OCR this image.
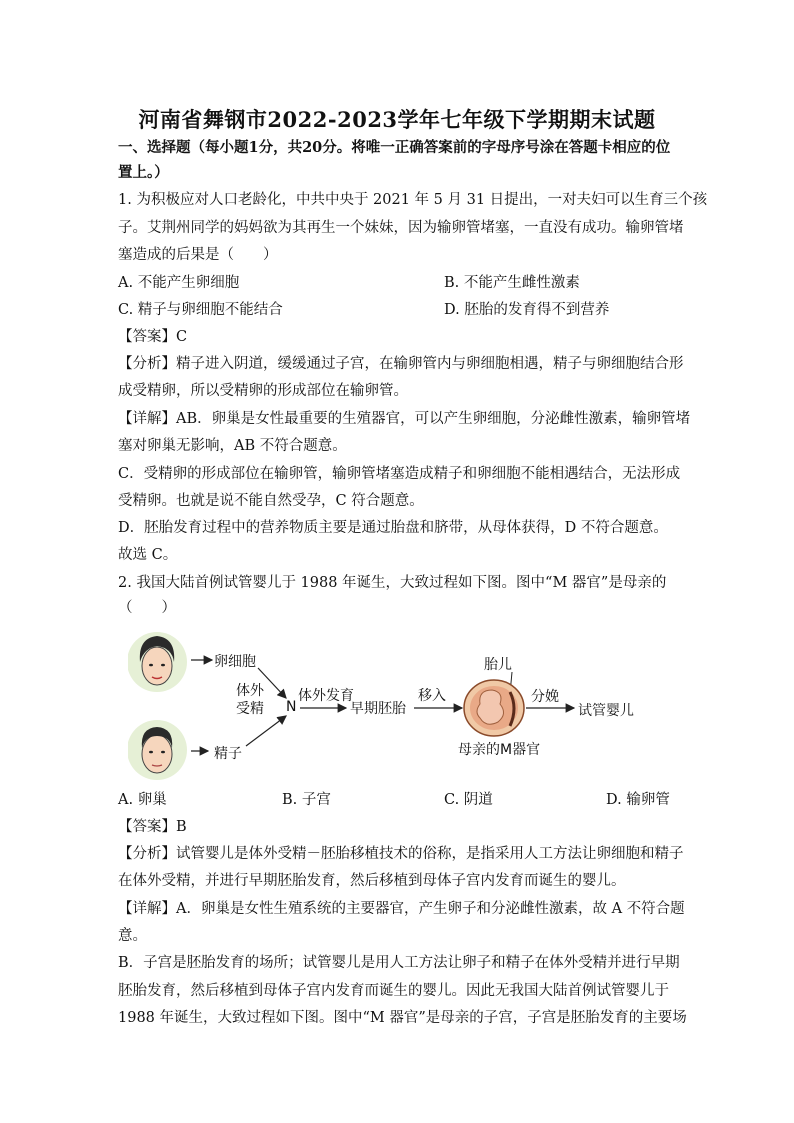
河南省舞钢市2022-2023学年七年级下学期期末试题
一、选择题（每小题1分，共20分。将唯一正确答案前的字母序号涂在答题卡相应的位
置上。）
1. 为积极应对人口老龄化，中共中央于 2021 年 5 月 31 日提出，一对夫妇可以生育三个孩
子。艾荆州同学的妈妈欲为其再生一个妹妹，因为输卵管堵塞，一直没有成功。输卵管堵
塞造成的后果是（　　）
A. 不能产生卵细胞	B. 不能产生雌性激素
C. 精子与卵细胞不能结合	D. 胚胎的发育得不到营养
【答案】C
【分析】精子进入阴道，缓缓通过子宫，在输卵管内与卵细胞相遇，精子与卵细胞结合形
成受精卵，所以受精卵的形成部位在输卵管。
【详解】AB．卵巢是女性最重要的生殖器官，可以产生卵细胞，分泌雌性激素，输卵管堵
塞对卵巢无影响，AB 不符合题意。
C．受精卵的形成部位在输卵管，输卵管堵塞造成精子和卵细胞不能相遇结合，无法形成
受精卵。也就是说不能自然受孕，C 符合题意。
D．胚胎发育过程中的营养物质主要是通过胎盘和脐带，从母体获得，D 不符合题意。
故选 C。
2. 我国大陆首例试管婴儿于 1988 年诞生，大致过程如下图。图中“M 器官”是母亲的
（　　）
卵细胞
精子
体外
受精 N
体外发育
早期胚胎
移入
胎儿
母亲的M器官
分娩
试管婴儿
A. 卵巢	B. 子宫	C. 阴道	D. 输卵管
【答案】B
【分析】试管婴儿是体外受精－胚胎移植技术的俗称，是指采用人工方法让卵细胞和精子
在体外受精，并进行早期胚胎发育，然后移植到母体子宫内发育而诞生的婴儿。
【详解】A．卵巢是女性生殖系统的主要器官，产生卵子和分泌雌性激素，故 A 不符合题
意。
B．子宫是胚胎发育的场所；试管婴儿是用人工方法让卵子和精子在体外受精并进行早期
胚胎发育，然后移植到母体子宫内发育而诞生的婴儿。因此无我国大陆首例试管婴儿于
1988 年诞生，大致过程如下图。图中“M 器官”是母亲的子宫，子宫是胚胎发育的主要场
